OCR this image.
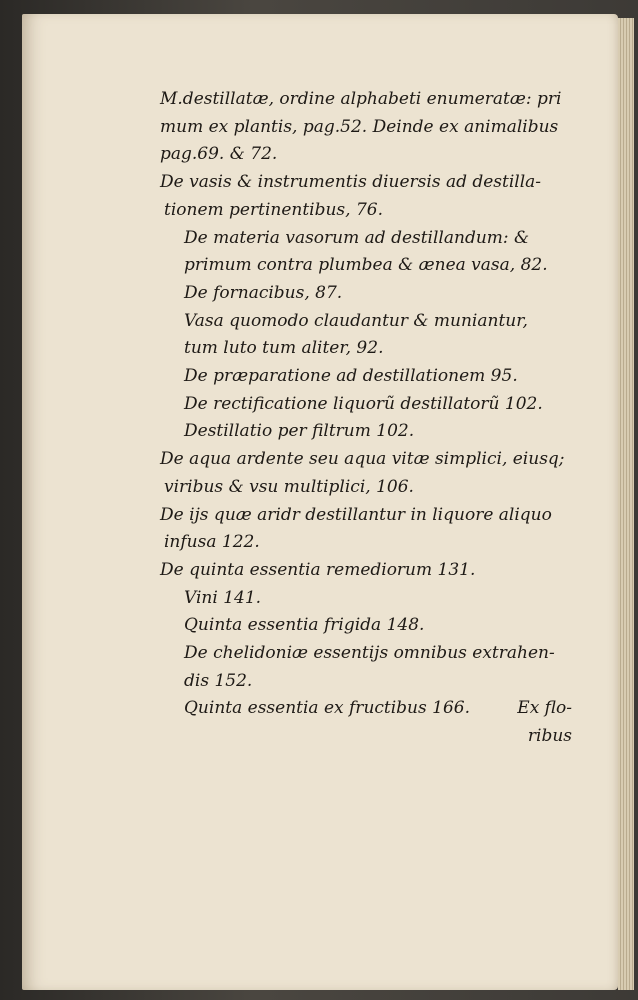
M.destillatæ, ordine alphabeti enumeratæ: pri
mum ex plantis, pag.52. Deinde ex animalibus
pag.69. & 72.
De vasis & instrumentis diuersis ad destilla-
tionem pertinentibus, 76.
De materia vasorum ad destillandum: &
primum contra plumbea & ænea vasa, 82.
De fornacibus, 87.
Vasa quomodo claudantur & muniantur,
tum luto tum aliter, 92.
De præparatione ad destillationem 95.
De rectificatione liquorũ destillatorũ 102.
Destillatio per filtrum 102.
De aqua ardente seu aqua vitæ simplici, eiusq;
viribus & vsu multiplici, 106.
De ijs quæ aridr destillantur in liquore aliquo
infusa 122.
De quinta essentia remediorum 131.
Vini 141.
Quinta essentia frigida 148.
De chelidoniæ essentijs omnibus extrahen-
dis 152.
Quinta essentia ex fructibus 166.	Ex flo-
ribus
